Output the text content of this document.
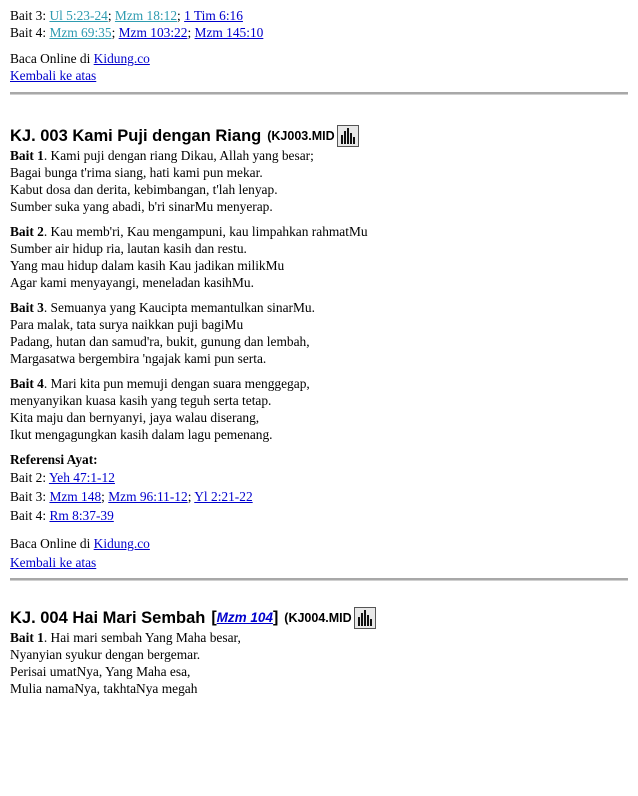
Bait 3: Ul 5:23-24; Mzm 18:12; 1 Tim 6:16
Bait 4: Mzm 69:35; Mzm 103:22; Mzm 145:10
Baca Online di Kidung.co
Kembali ke atas
KJ. 003 Kami Puji dengan Riang (KJ003.MID
Bait 1. Kami puji dengan riang Dikau, Allah yang besar;
Bagai bunga t'rima siang, hati kami pun mekar.
Kabut dosa dan derita, kebimbangan, t'lah lenyap.
Sumber suka yang abadi, b'ri sinarMu menyerap.
Bait 2. Kau memb'ri, Kau mengampuni, kau limpahkan rahmatMu
Sumber air hidup ria, lautan kasih dan restu.
Yang mau hidup dalam kasih Kau jadikan milikMu
Agar kami menyayangi, meneladan kasihMu.
Bait 3. Semuanya yang Kaucipta memantulkan sinarMu.
Para malak, tata surya naikkan puji bagiMu
Padang, hutan dan samud'ra, bukit, gunung dan lembah,
Margasatwa bergembira 'ngajak kami pun serta.
Bait 4. Mari kita pun memuji dengan suara menggegap,
menyanyikan kuasa kasih yang teguh serta tetap.
Kita maju dan bernyanyi, jaya walau diserang,
Ikut mengagungkan kasih dalam lagu pemenang.
Referensi Ayat:
Bait 2: Yeh 47:1-12
Bait 3: Mzm 148; Mzm 96:11-12; Yl 2:21-22
Bait 4: Rm 8:37-39
Baca Online di Kidung.co
Kembali ke atas
KJ. 004 Hai Mari Sembah [Mzm 104] (KJ004.MID
Bait 1. Hai mari sembah Yang Maha besar,
Nyanyian syukur dengan bergemar.
Perisai umatNya, Yang Maha esa,
Mulia namaNya, takhtaNya megah
